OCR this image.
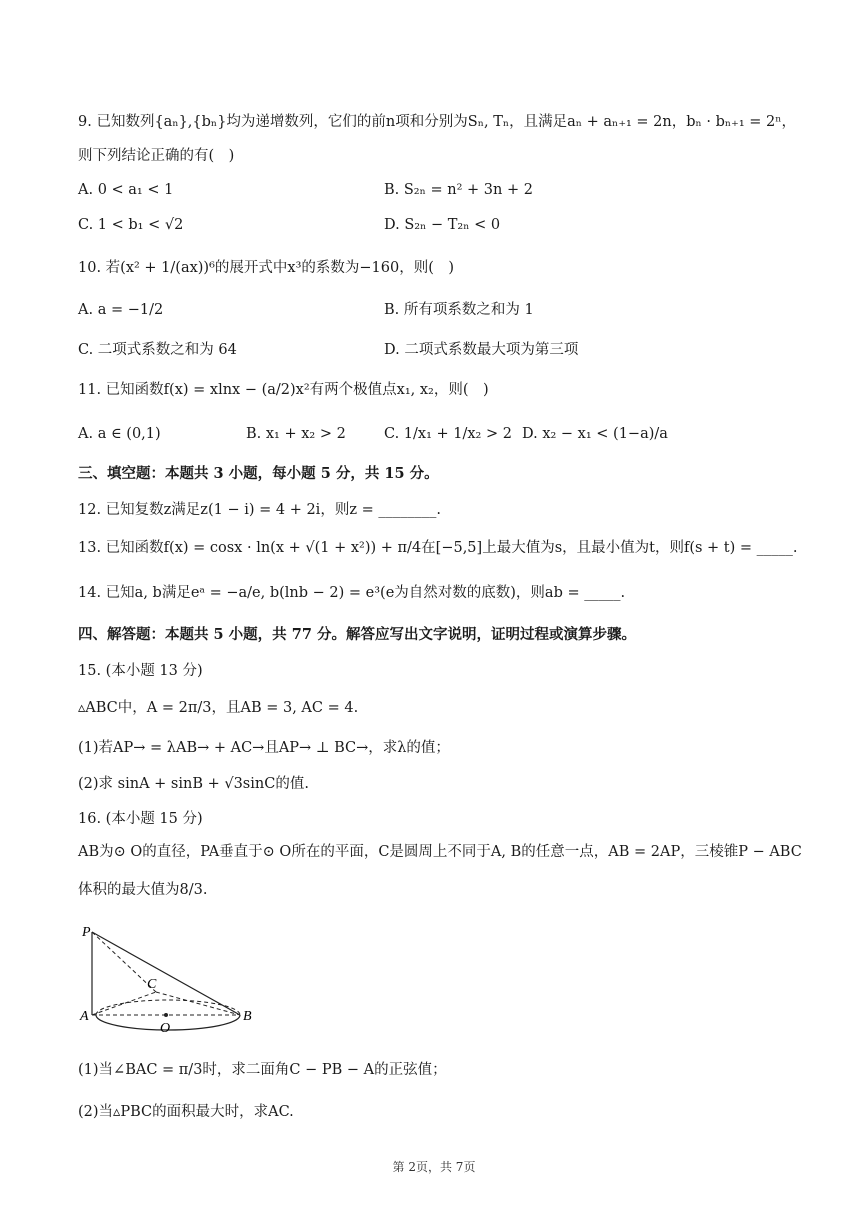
9. 已知数列{aₙ},{bₙ}均为递增数列，它们的前n项和分别为Sₙ, Tₙ，且满足aₙ + aₙ₊₁ = 2n，bₙ · bₙ₊₁ = 2ⁿ，
则下列结论正确的有(　)
A. 0 < a₁ < 1	B. S₂ₙ = n² + 3n + 2
C. 1 < b₁ < √2	D. S₂ₙ − T₂ₙ < 0
10. 若(x² + 1/(ax))⁶的展开式中x³的系数为−160，则(　)
A. a = −1/2	B. 所有项系数之和为 1
C. 二项式系数之和为 64	D. 二项式系数最大项为第三项
11. 已知函数f(x) = xlnx − (a/2)x²有两个极值点x₁, x₂，则(　)
A. a ∈ (0,1)	B. x₁ + x₂ > 2	C. 1/x₁ + 1/x₂ > 2 D. x₂ − x₁ < (1−a)/a
三、填空题：本题共 3 小题，每小题 5 分，共 15 分。
12. 已知复数z满足z(1 − i) = 4 + 2i，则z = ________.
13. 已知函数f(x) = cosx · ln(x + √(1 + x²)) + π/4在[−5,5]上最大值为s，且最小值为t，则f(s + t) = _____.
14. 已知a, b满足eᵃ = −a/e, b(lnb − 2) = e³(e为自然对数的底数)，则ab = _____.
四、解答题：本题共 5 小题，共 77 分。解答应写出文字说明，证明过程或演算步骤。
15. (本小题 13 分)
▵ABC中，A = 2π/3，且AB = 3, AC = 4.
(1)若AP→ = λAB→ + AC→且AP→ ⊥ BC→，求λ的值；
(2)求 sinA + sinB + √3sinC的值.
16. (本小题 15 分)
AB为⊙ O的直径，PA垂直于⊙ O所在的平面，C是圆周上不同于A, B的任意一点，AB = 2AP，三棱锥P − ABC
体积的最大值为8/3.
P
C
A
O
B
(1)当∠BAC = π/3时，求二面角C − PB − A的正弦值；
(2)当▵PBC的面积最大时，求AC.
第 2页，共 7页
